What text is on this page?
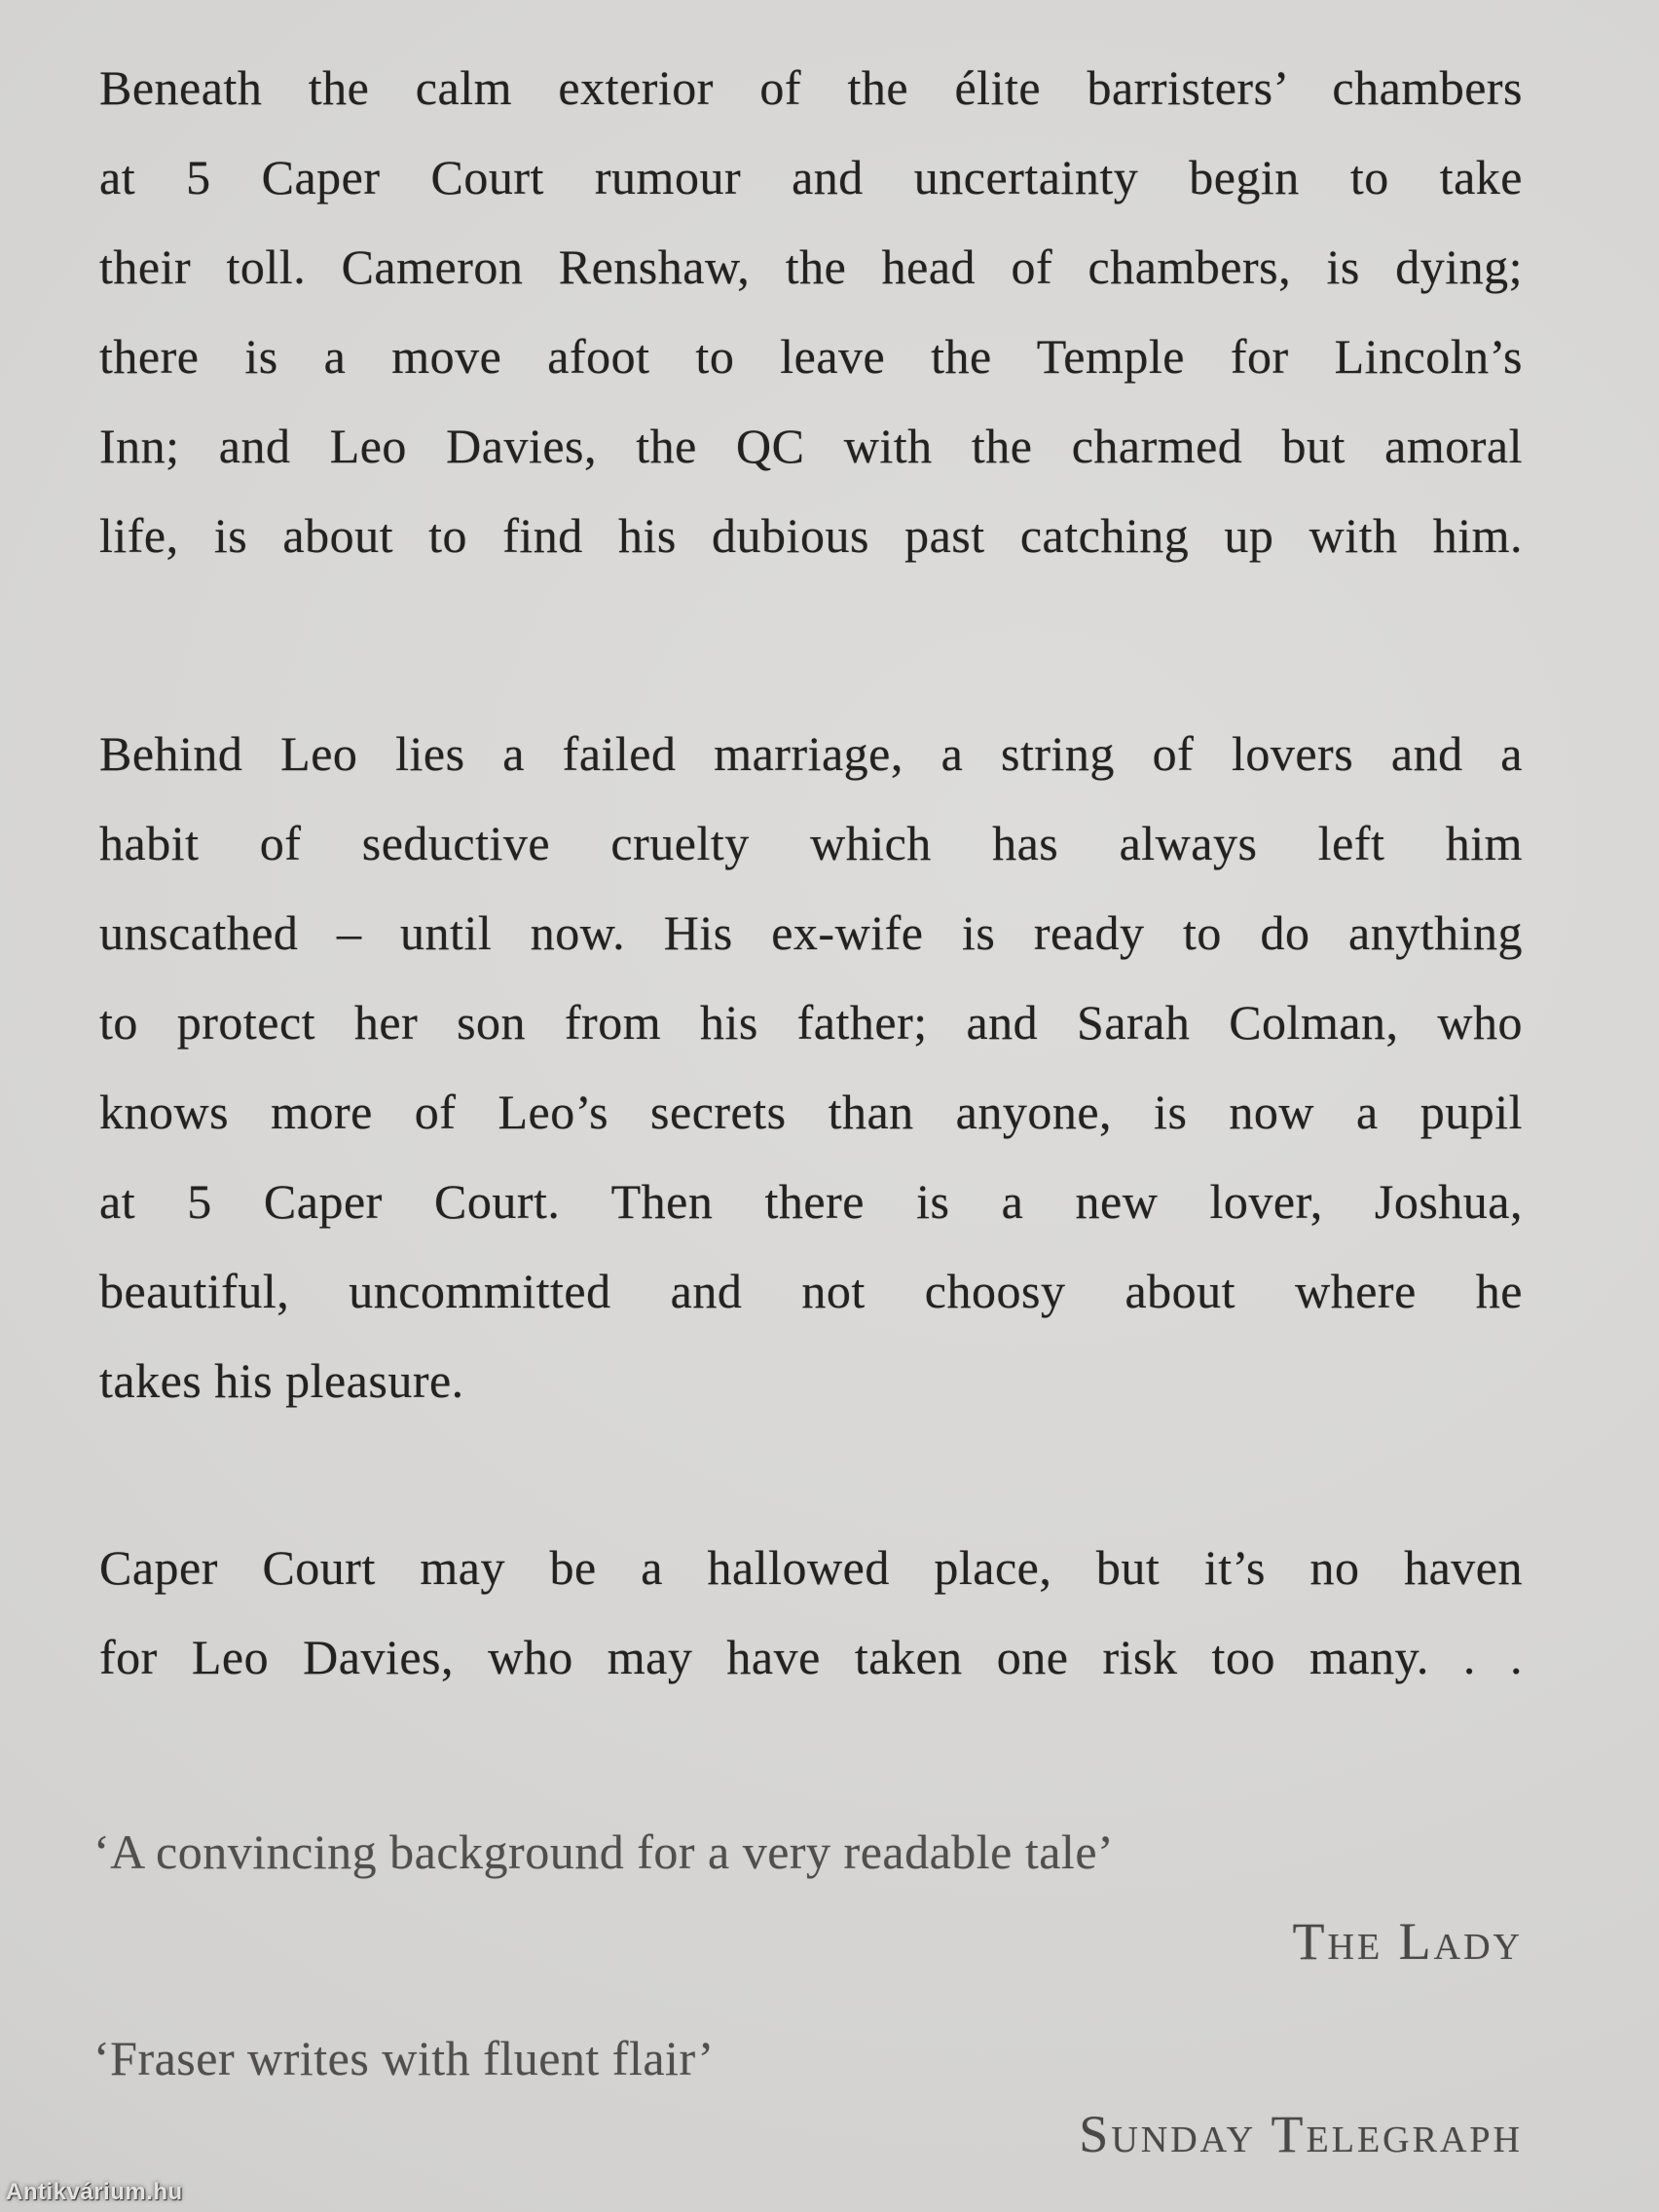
Beneath the calm exterior of the élite barristers’ chambers
at 5 Caper Court rumour and uncertainty begin to take
their toll. Cameron Renshaw, the head of chambers, is dying;
there is a move afoot to leave the Temple for Lincoln’s
Inn; and Leo Davies, the QC with the charmed but amoral
life, is about to find his dubious past catching up with him.
Behind Leo lies a failed marriage, a string of lovers and a
habit of seductive cruelty which has always left him
unscathed – until now. His ex-wife is ready to do anything
to protect her son from his father; and Sarah Colman, who
knows more of Leo’s secrets than anyone, is now a pupil
at 5 Caper Court. Then there is a new lover, Joshua,
beautiful, uncommitted and not choosy about where he
takes his pleasure.
Caper Court may be a hallowed place, but it’s no haven
for Leo Davies, who may have taken one risk too many. . .
‘A convincing background for a very readable tale’
The Lady
‘Fraser writes with fluent flair’
Sunday Telegraph
Antikvárium.hu
